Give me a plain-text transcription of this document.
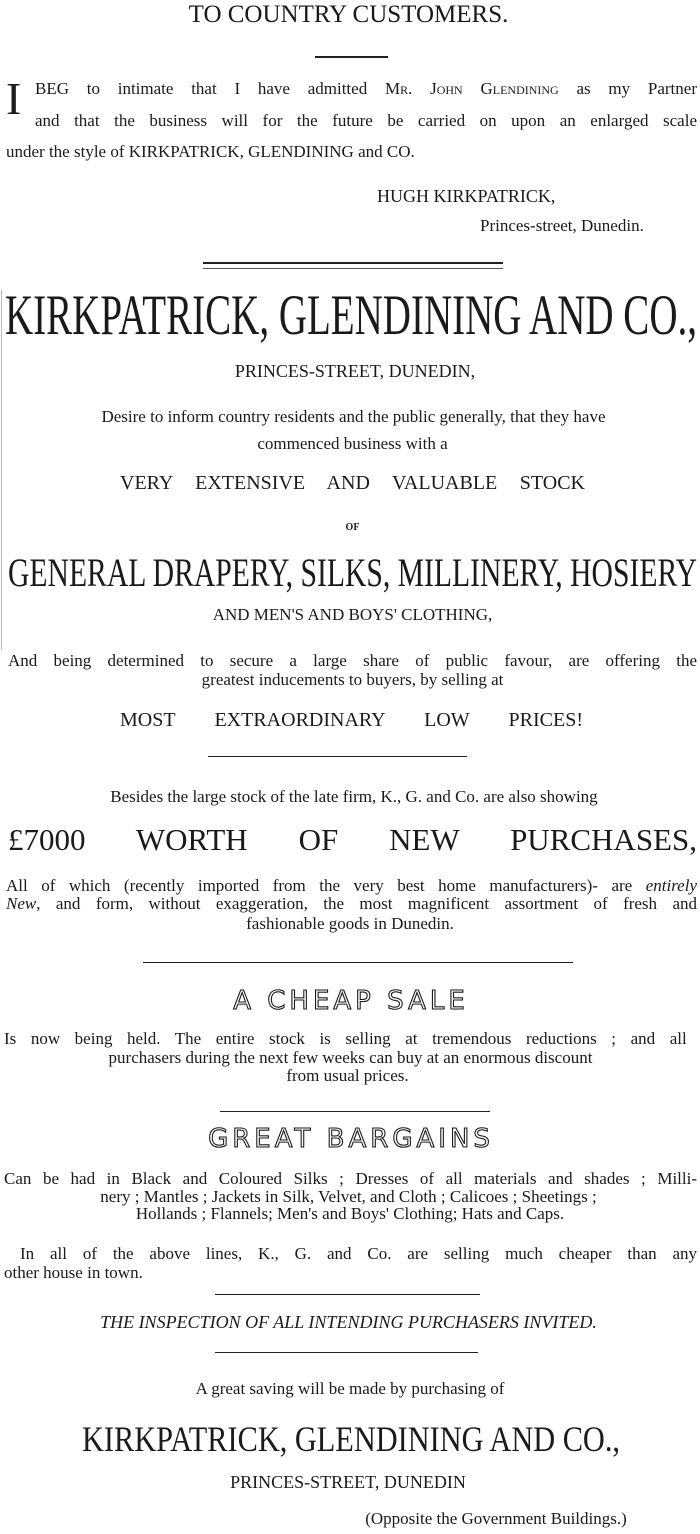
TO COUNTRY CUSTOMERS.
I BEG to intimate that I have admitted Mr. John Glendining as my Partner
and that the business will for the future be carried on upon an enlarged scale
under the style of KIRKPATRICK, GLENDINING and CO.
HUGH KIRKPATRICK,
Princes-street, Dunedin.
KIRKPATRICK, GLENDINING AND CO.,
PRINCES-STREET, DUNEDIN,
Desire to inform country residents and the public generally, that they have
commenced business with a
VERY EXTENSIVE AND VALUABLE STOCK
OF
GENERAL DRAPERY, SILKS, MILLINERY, HOSIERY
AND MEN'S AND BOYS' CLOTHING,
And being determined to secure a large share of public favour, are offering the
greatest inducements to buyers, by selling at
MOST EXTRAORDINARY LOW PRICES!
Besides the large stock of the late firm, K., G. and Co. are also showing
£7000 WORTH OF NEW PURCHASES,
All of which (recently imported from the very best home manufacturers)- are entirely
New, and form, without exaggeration, the most magnificent assortment of fresh and
fashionable goods in Dunedin.
A CHEAP SALE
Is now being held. The entire stock is selling at tremendous reductions ; and all
purchasers during the next few weeks can buy at an enormous discount
from usual prices.
GREAT BARGAINS
Can be had in Black and Coloured Silks ; Dresses of all materials and shades ; Milli-
nery ; Mantles ; Jackets in Silk, Velvet, and Cloth ; Calicoes ; Sheetings ;
Hollands ; Flannels; Men's and Boys' Clothing; Hats and Caps.
In all of the above lines, K., G. and Co. are selling much cheaper than any
other house in town.
THE INSPECTION OF ALL INTENDING PURCHASERS INVITED.
A great saving will be made by purchasing of
KIRKPATRICK, GLENDINING AND CO.,
PRINCES-STREET, DUNEDIN
(Opposite the Government Buildings.)
